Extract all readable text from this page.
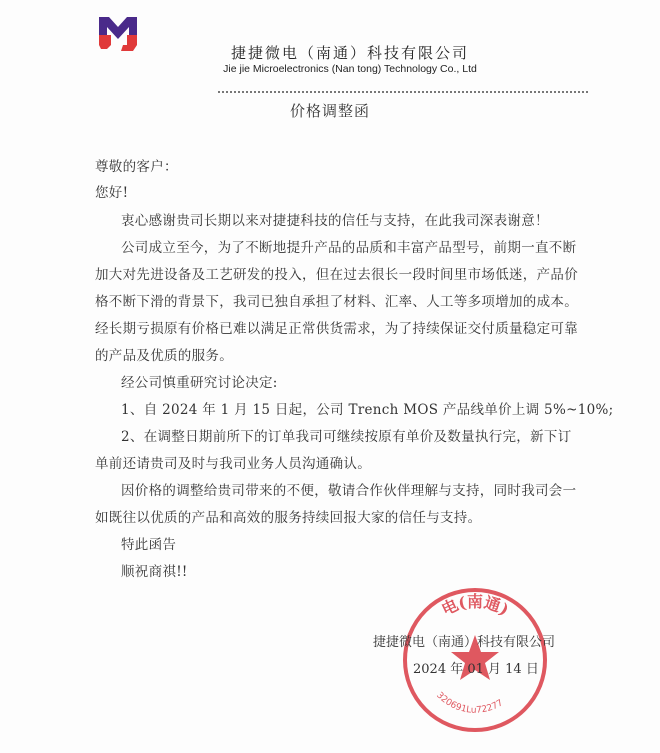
捷捷微电（南通）科技有限公司
Jie jie Microelectronics (Nan tong) Technology Co., Ltd
价格调整函
尊敬的客户：
您好!
衷心感谢贵司长期以来对捷捷科技的信任与支持，在此我司深表谢意！
公司成立至今，为了不断地提升产品的品质和丰富产品型号，前期一直不断
加大对先进设备及工艺研发的投入，但在过去很长一段时间里市场低迷，产品价
格不断下滑的背景下，我司已独自承担了材料、汇率、人工等多项增加的成本。
经长期亏损原有价格已难以满足正常供货需求，为了持续保证交付质量稳定可靠
的产品及优质的服务。
经公司慎重研究讨论决定:
1、自 2024 年 1 月 15 日起，公司 Trench MOS 产品线单价上调 5%~10%;
2、在调整日期前所下的订单我司可继续按原有单价及数量执行完，新下订
单前还请贵司及时与我司业务人员沟通确认。
因价格的调整给贵司带来的不便，敬请合作伙伴理解与支持，同时我司会一
如既往以优质的产品和高效的服务持续回报大家的信任与支持。
特此函告
顺祝商祺!!
电(南通)
320691Lu72277
捷捷微电（南通）科技有限公司
2024 年 01 月 14 日
